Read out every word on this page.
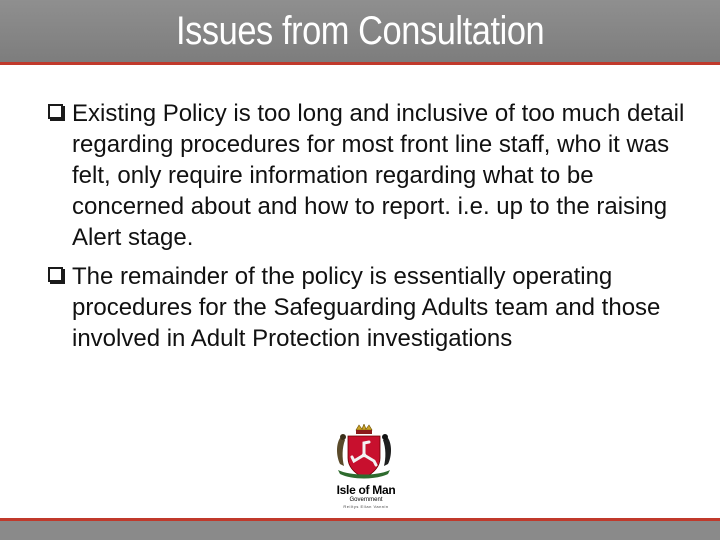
Issues from Consultation
Existing Policy is too long and inclusive of too much detail regarding procedures for most front line staff, who it was felt, only require information regarding what to be concerned about and how to report. i.e. up to the raising Alert stage.
The remainder of the policy is essentially operating procedures for the Safeguarding Adults team and those involved in Adult Protection investigations
Isle of Man
Government
Reiltys Ellan Vannin
